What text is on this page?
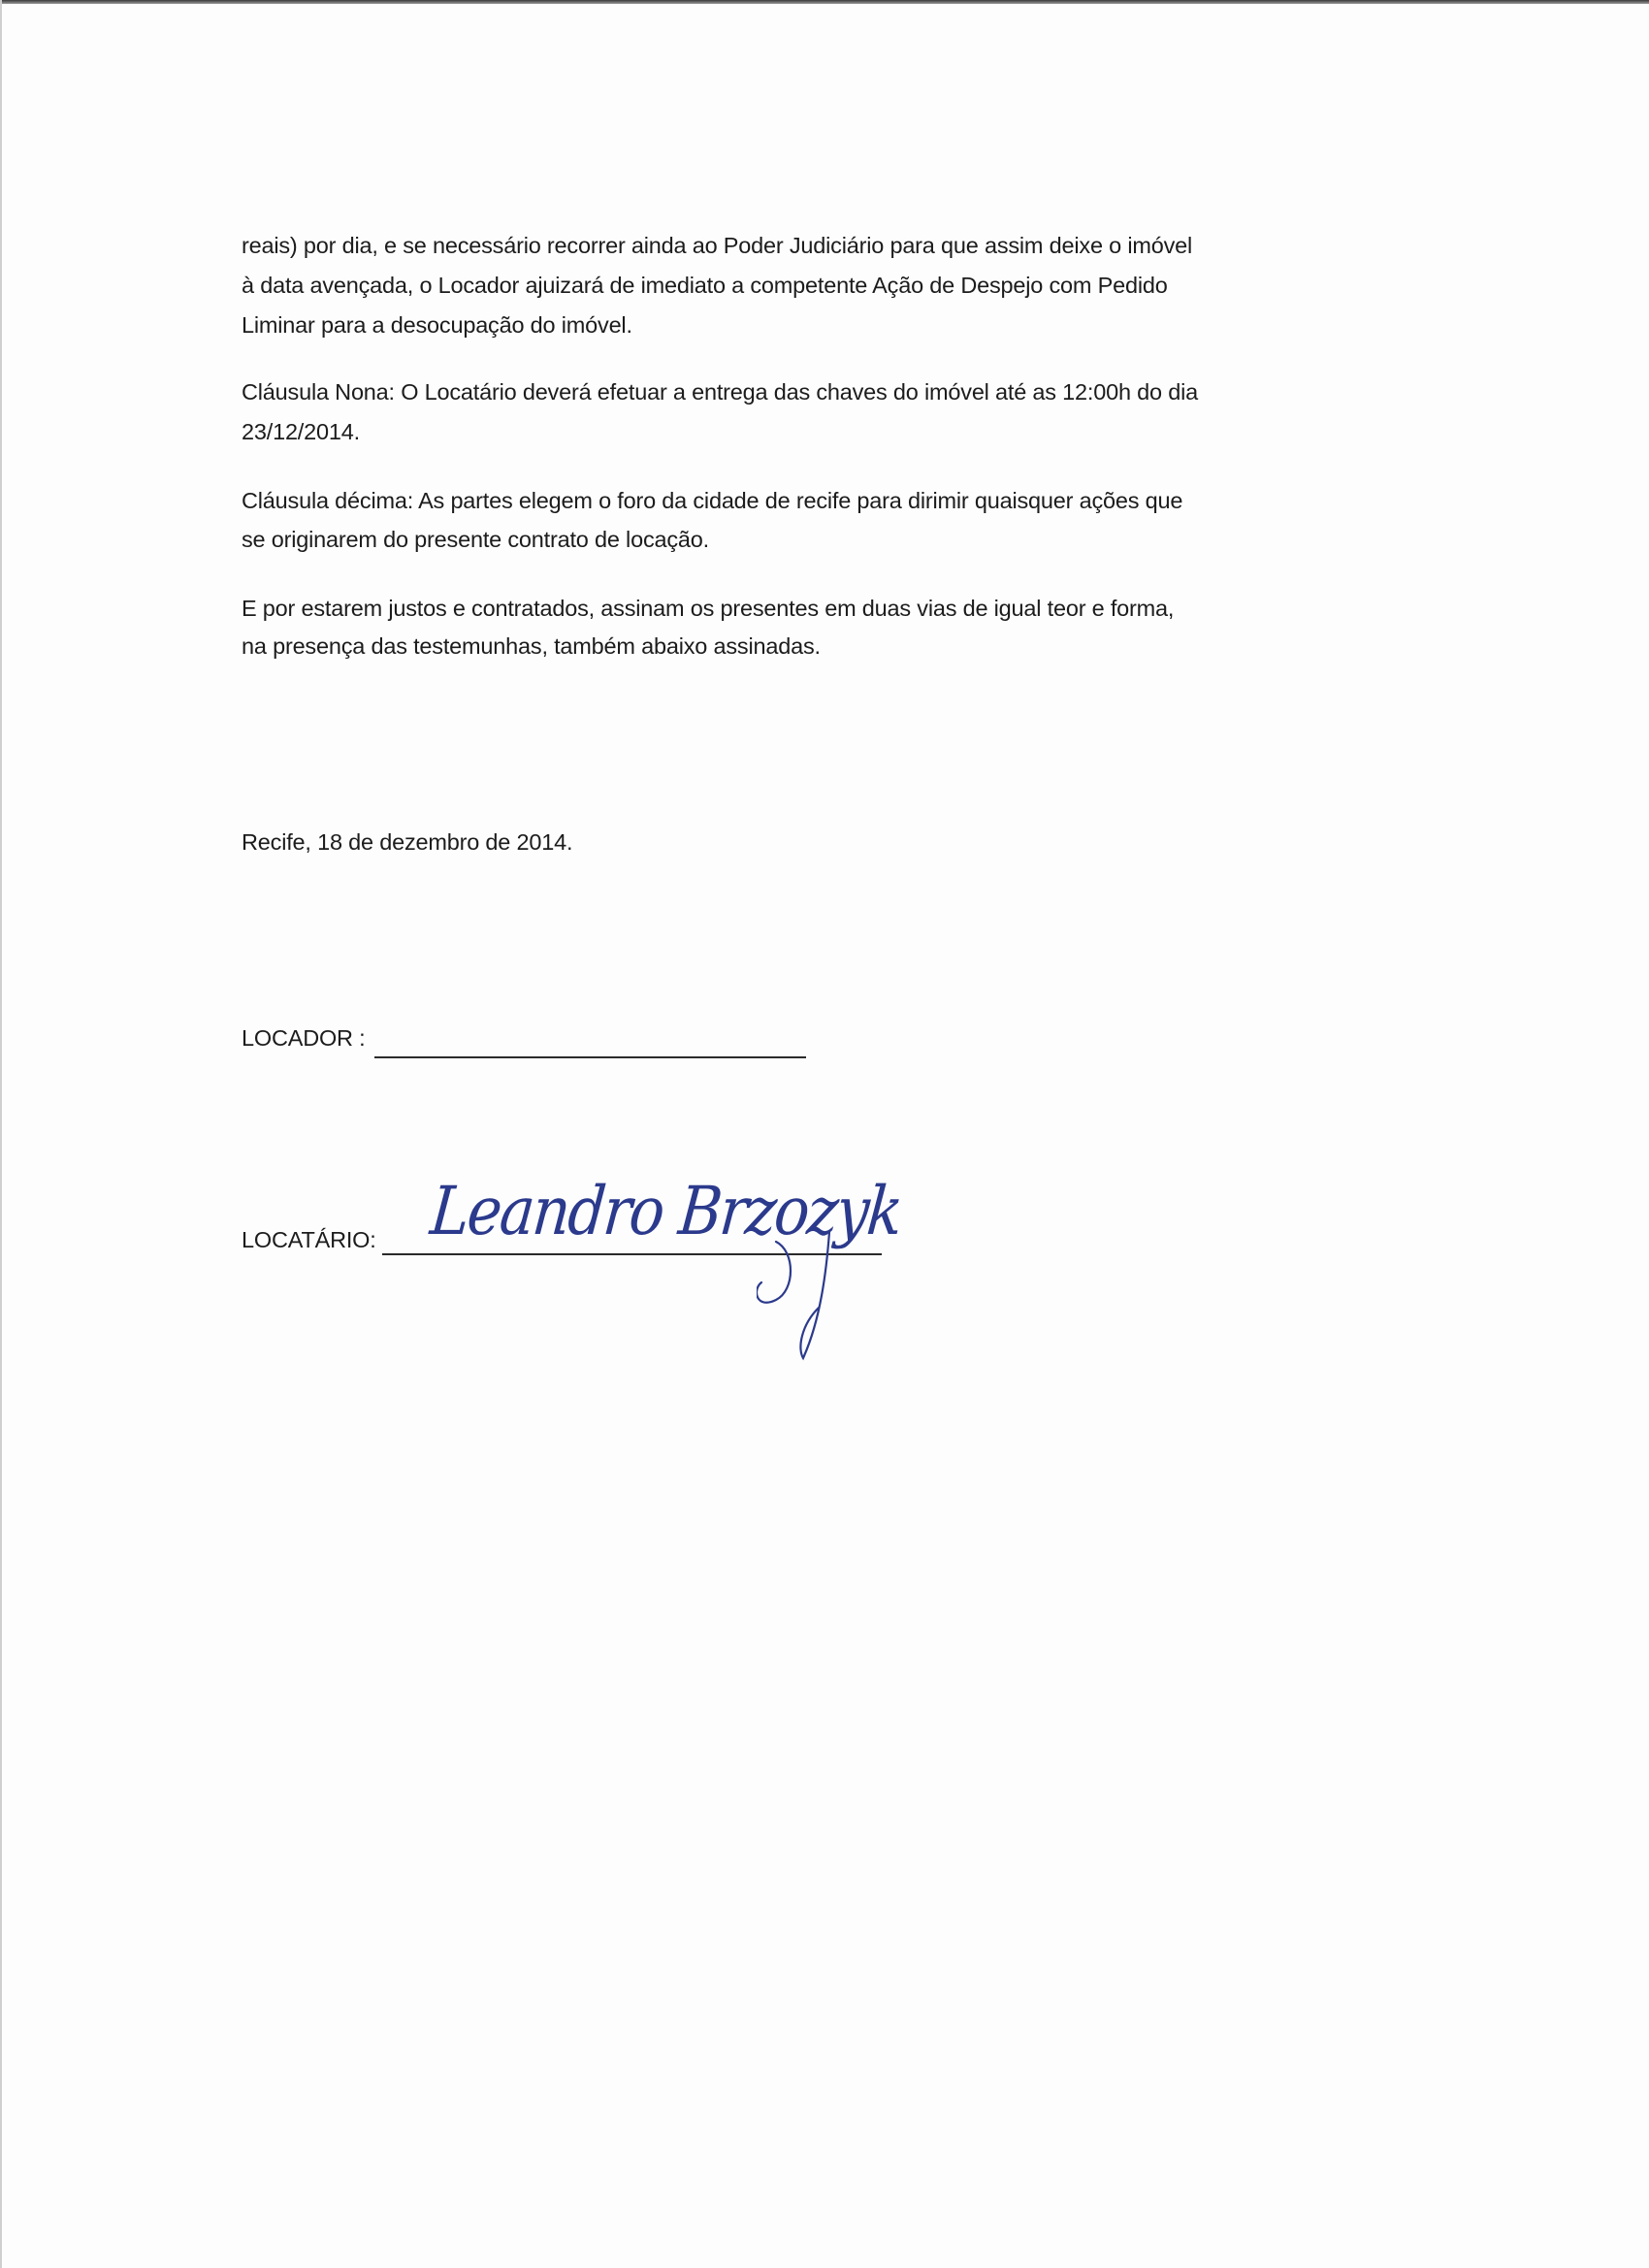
reais) por dia, e se necessário recorrer ainda ao Poder Judiciário para que assim deixe o imóvel
à data avençada, o Locador ajuizará de imediato a competente Ação de Despejo com Pedido
Liminar para a desocupação do imóvel.
Cláusula Nona: O Locatário deverá efetuar a entrega das chaves do imóvel até as 12:00h do dia
23/12/2014.
Cláusula décima: As partes elegem o foro da cidade de recife para dirimir quaisquer ações que
se originarem do presente contrato de locação.
E por estarem justos e contratados, assinam os presentes em duas vias de igual teor e forma,
na presença das testemunhas, também abaixo assinadas.
Recife, 18 de dezembro de 2014.
LOCADOR :
LOCATÁRIO: Leandro Brzozyk
